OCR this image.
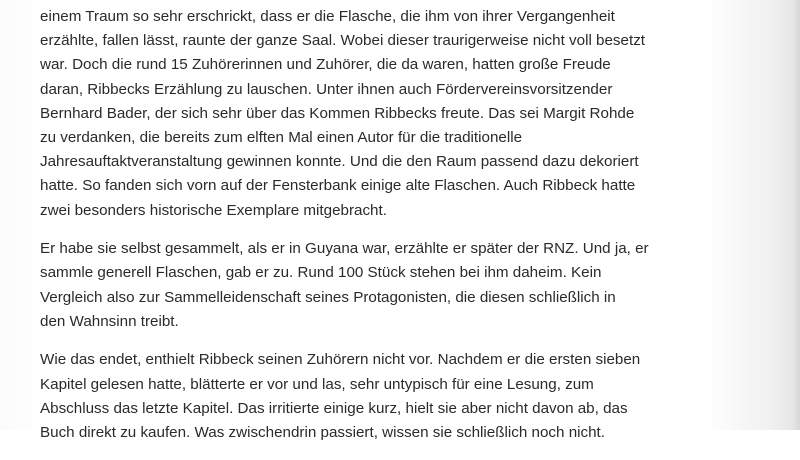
einem Traum so sehr erschrickt, dass er die Flasche, die ihm von ihrer Vergangenheit
erzählte, fallen lässt, raunte der ganze Saal. Wobei dieser traurigerweise nicht voll besetzt
war. Doch die rund 15 Zuhörerinnen und Zuhörer, die da waren, hatten große Freude
daran, Ribbecks Erzählung zu lauschen. Unter ihnen auch Fördervereinsvorsitzender
Bernhard Bader, der sich sehr über das Kommen Ribbecks freute. Das sei Margit Rohde
zu verdanken, die bereits zum elften Mal einen Autor für die traditionelle
Jahresauftaktveranstaltung gewinnen konnte. Und die den Raum passend dazu dekoriert
hatte. So fanden sich vorn auf der Fensterbank einige alte Flaschen. Auch Ribbeck hatte
zwei besonders historische Exemplare mitgebracht.

Er habe sie selbst gesammelt, als er in Guyana war, erzählte er später der RNZ. Und ja, er
sammle generell Flaschen, gab er zu. Rund 100 Stück stehen bei ihm daheim. Kein
Vergleich also zur Sammelleidenschaft seines Protagonisten, die diesen schließlich in
den Wahnsinn treibt.

Wie das endet, enthielt Ribbeck seinen Zuhörern nicht vor. Nachdem er die ersten sieben
Kapitel gelesen hatte, blätterte er vor und las, sehr untypisch für eine Lesung, zum
Abschluss das letzte Kapitel. Das irritierte einige kurz, hielt sie aber nicht davon ab, das
Buch direkt zu kaufen. Was zwischendrin passiert, wissen sie schließlich noch nicht.
